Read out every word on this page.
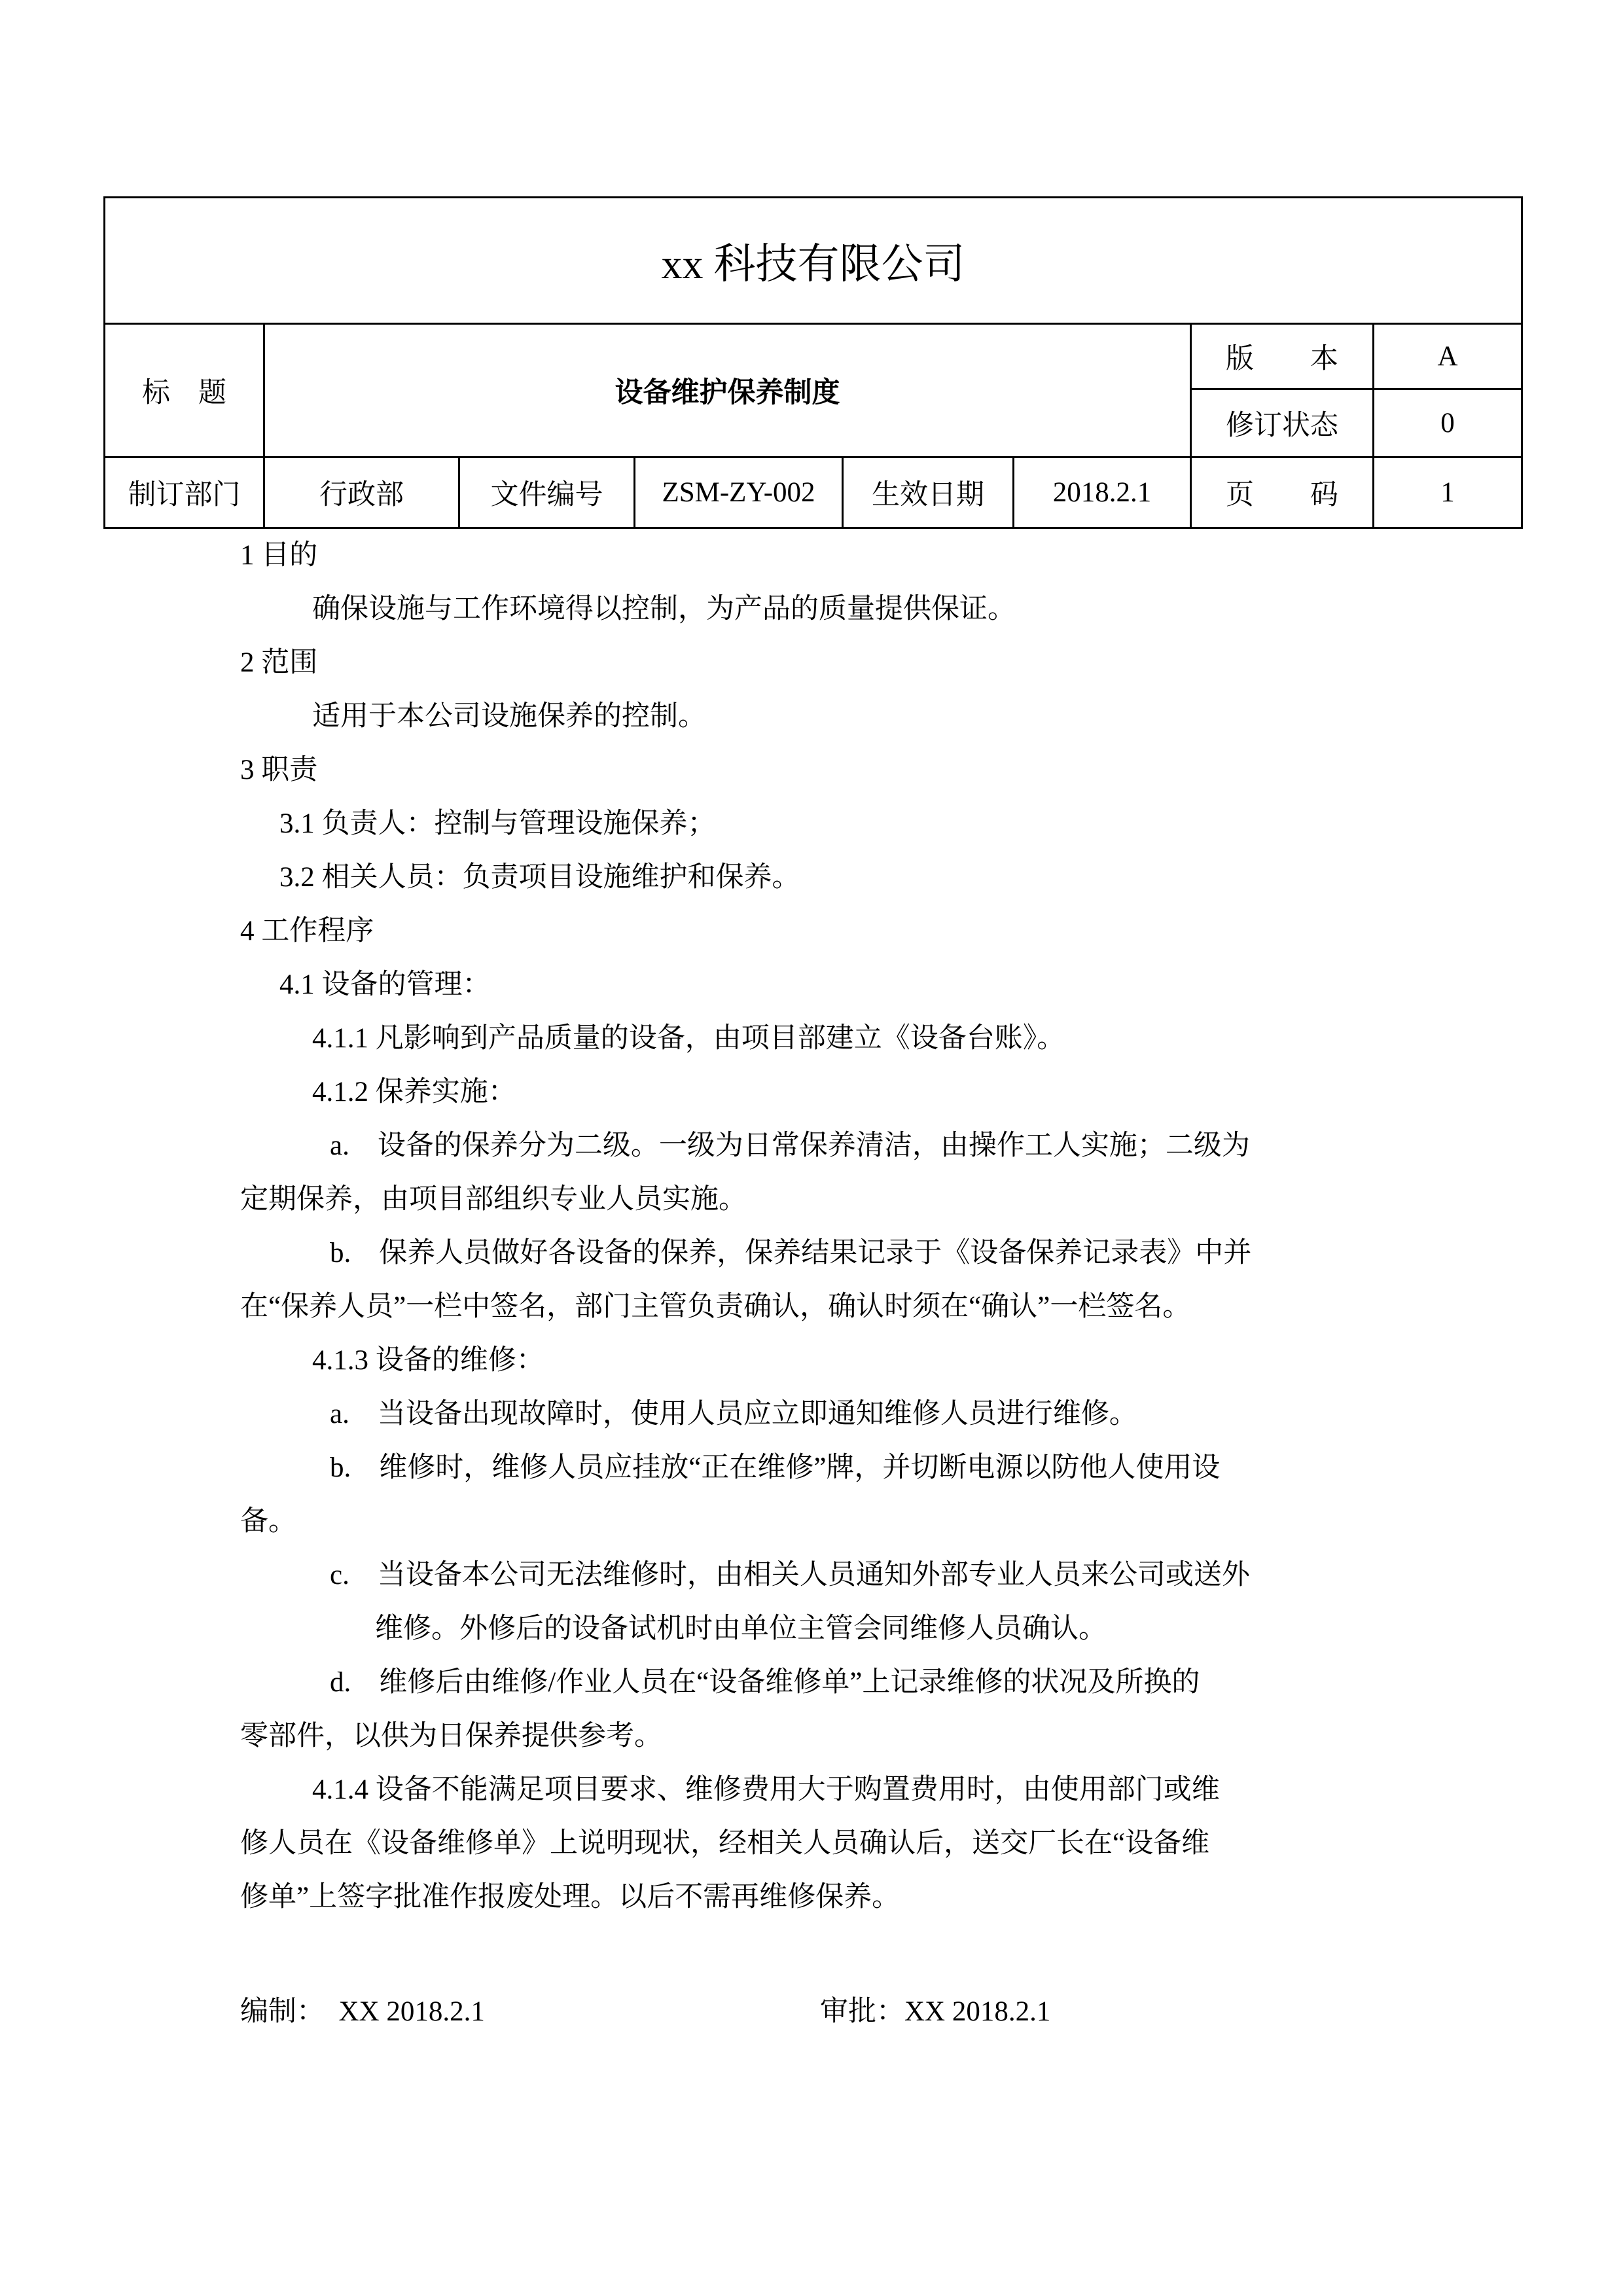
xx 科技有限公司							
标　题	设备维护保养制度					版　　本	A
						修订状态	0
制订部门	行政部	文件编号	ZSM-ZY-002	生效日期	2018.2.1	页　　码	1
1 目的
确保设施与工作环境得以控制，为产品的质量提供保证。
2 范围
适用于本公司设施保养的控制。
3 职责
3.1 负责人：控制与管理设施保养；
3.2 相关人员：负责项目设施维护和保养。
4 工作程序
4.1 设备的管理：
4.1.1 凡影响到产品质量的设备，由项目部建立《设备台账》。
4.1.2 保养实施：
a.　设备的保养分为二级。一级为日常保养清洁，由操作工人实施；二级为
定期保养，由项目部组织专业人员实施。
b.　保养人员做好各设备的保养，保养结果记录于《设备保养记录表》中并
在“保养人员”一栏中签名，部门主管负责确认，确认时须在“确认”一栏签名。
4.1.3 设备的维修：
a.　当设备出现故障时，使用人员应立即通知维修人员进行维修。
b.　维修时，维修人员应挂放“正在维修”牌，并切断电源以防他人使用设
备。
c.　当设备本公司无法维修时，由相关人员通知外部专业人员来公司或送外
维修。外修后的设备试机时由单位主管会同维修人员确认。
d.　维修后由维修/作业人员在“设备维修单”上记录维修的状况及所换的
零部件，以供为日保养提供参考。
4.1.4 设备不能满足项目要求、维修费用大于购置费用时，由使用部门或维
修人员在《设备维修单》上说明现状，经相关人员确认后，送交厂长在“设备维
修单”上签字批准作报废处理。以后不需再维修保养。
编制：  XX 2018.2.1	审批：XX 2018.2.1
